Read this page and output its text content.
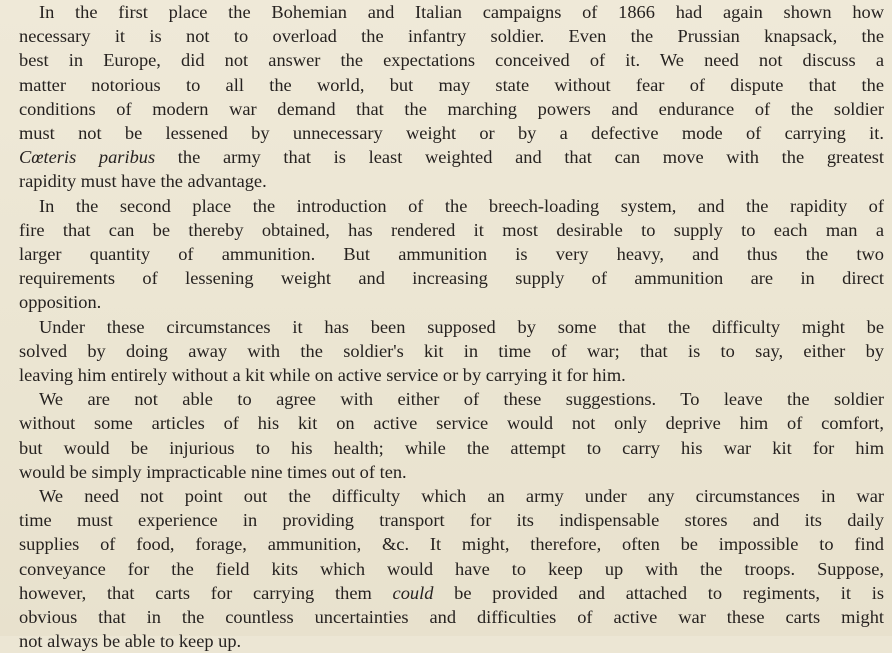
In the first place the Bohemian and Italian campaigns of 1866 had again shown how
necessary it is not to overload the infantry soldier. Even the Prussian knapsack, the
best in Europe, did not answer the expectations conceived of it. We need not discuss a
matter notorious to all the world, but may state without fear of dispute that the
conditions of modern war demand that the marching powers and endurance of the soldier
must not be lessened by unnecessary weight or by a defective mode of carrying it.
Cœteris paribus the army that is least weighted and that can move with the greatest
rapidity must have the advantage.
In the second place the introduction of the breech-loading system, and the rapidity of
fire that can be thereby obtained, has rendered it most desirable to supply to each man a
larger quantity of ammunition. But ammunition is very heavy, and thus the two
requirements of lessening weight and increasing supply of ammunition are in direct
opposition.
Under these circumstances it has been supposed by some that the difficulty might be
solved by doing away with the soldier's kit in time of war; that is to say, either by
leaving him entirely without a kit while on active service or by carrying it for him.
We are not able to agree with either of these suggestions. To leave the soldier
without some articles of his kit on active service would not only deprive him of comfort,
but would be injurious to his health; while the attempt to carry his war kit for him
would be simply impracticable nine times out of ten.
We need not point out the difficulty which an army under any circumstances in war
time must experience in providing transport for its indispensable stores and its daily
supplies of food, forage, ammunition, &c. It might, therefore, often be impossible to find
conveyance for the field kits which would have to keep up with the troops. Suppose,
however, that carts for carrying them could be provided and attached to regiments, it is
obvious that in the countless uncertainties and difficulties of active war these carts might
not always be able to keep up.
